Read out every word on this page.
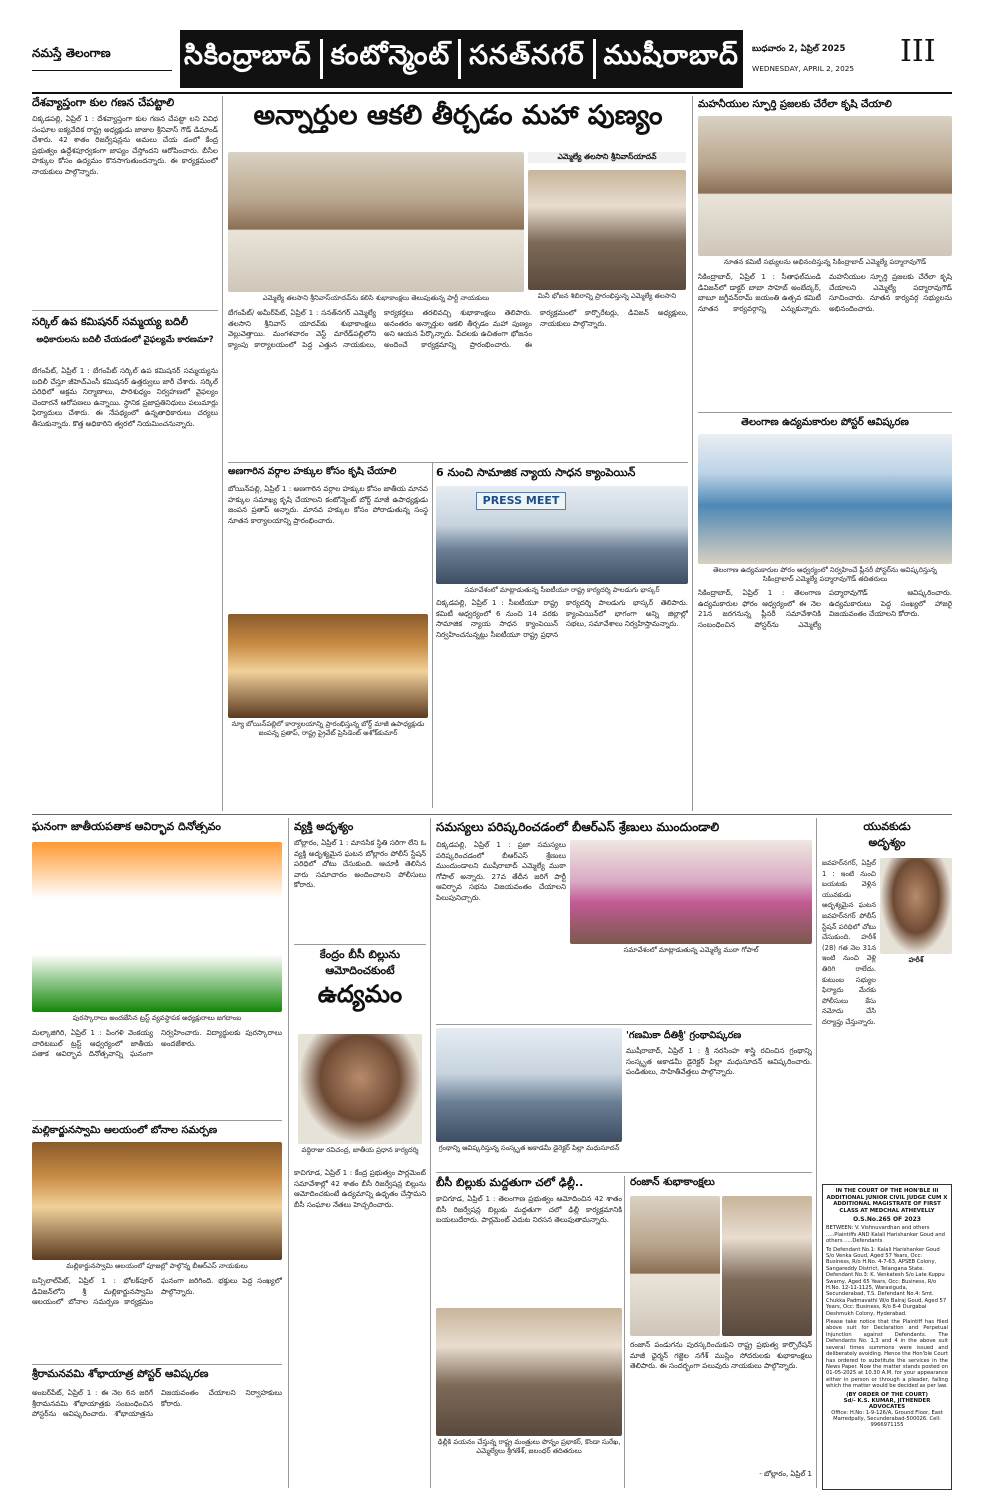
నమస్తే తెలంగాణ	సికింద్రాబాద్ కంటోన్మెంట్ సనత్‌నగర్ ముషీరాబాద్ బుధవారం 2, ఏప్రిల్ 2025
WEDNESDAY, APRIL 2, 2025	III
దేశవ్యాప్తంగా కుల గణన చేపట్టాలి
చిక్కడపల్లి, ఏప్రిల్ 1 : దేశవ్యాప్తంగా కుల గణన చేపట్టా లని వివిధ సంఘాల ఐక్యవేదిక రాష్ట్ర అధ్యక్షుడు జాజుల శ్రీనివాస్ గౌడ్ డిమాండ్ చేశారు. 42 శాతం రిజర్వేషన్లను అమలు చేయ డంలో కేంద్ర ప్రభుత్వం ఉద్దేశపూర్వకంగా జాప్యం చేస్తోందని ఆరోపించారు. బీసీల హక్కుల కోసం ఉద్యమం కొనసాగుతుందన్నారు. ఈ కార్యక్రమంలో నాయకులు పాల్గొన్నారు.
సర్కిల్ ఉప కమిషనర్ సమ్మయ్య బదిలీ
అధికారులను బదిలీ చేయడంలో వైఫల్యమే కారణమా?
బేగంపేట్, ఏప్రిల్ 1 : బేగంపేట్ సర్కిల్ ఉప కమిషనర్ సమ్మయ్యను బదిలీ చేస్తూ జీహెచ్‌ఎంసీ కమిషనర్ ఉత్తర్వులు జారీ చేశారు. సర్కిల్ పరిధిలో అక్రమ నిర్మాణాలు, పారిశుధ్యం నిర్వహణలో వైఫల్యం చెందారనే ఆరోపణలు ఉన్నాయి. స్థానిక ప్రజాప్రతినిధులు పలుమార్లు ఫిర్యాదులు చేశారు. ఈ నేపథ్యంలో ఉన్నతాధికారులు చర్యలు తీసుకున్నారు. కొత్త అధికారిని త్వరలో నియమించనున్నారు.
అన్నార్తుల ఆకలి తీర్చడం మహా పుణ్యం
ఎమ్మెల్యే తలసాని శ్రీనివాస్‌యాదవ్
మినీ భోజన శిబిరాన్ని ప్రారంభిస్తున్న ఎమ్మెల్యే తలసాని
ఎమ్మెల్యే తలసాని శ్రీనివాస్‌యాదవ్‌ను కలిసి శుభాకాంక్షలు తెలుపుతున్న పార్టీ నాయకులు
బేగంపేట్/ అమీర్‌పేట్, ఏప్రిల్ 1 : సనత్‌నగర్ ఎమ్మెల్యే తలసాని శ్రీనివాస్ యాదవ్‌కు శుభాకాంక్షలు వెల్లువెత్తాయి. మంగళవారం వెస్ట్ మారేడ్‌పల్లిలోని క్యాంపు కార్యాలయంలో పెద్ద ఎత్తున నాయకులు, కార్యకర్తలు తరలివచ్చి శుభాకాంక్షలు తెలిపారు. అనంతరం అన్నార్తుల ఆకలి తీర్చడం మహా పుణ్యం అని ఆయన పేర్కొన్నారు. పేదలకు ఉచితంగా భోజనం అందించే కార్యక్రమాన్ని ప్రారంభించారు. ఈ కార్యక్రమంలో కార్పొరేటర్లు, డివిజన్ అధ్యక్షులు, నాయకులు పాల్గొన్నారు.
మహనీయుల స్ఫూర్తి ప్రజలకు చేరేలా కృషి చేయాలి
నూతన కమిటీ సభ్యులను అభినందిస్తున్న సికింద్రాబాద్ ఎమ్మెల్యే పద్మారావుగౌడ్
సికింద్రాబాద్, ఏప్రిల్ 1 : సీతాఫల్‌మండి డివిజన్‌లో డాక్టర్ బాబా సాహెబ్ అంబేద్కర్, బాబూ జగ్జీవన్‌రామ్ జయంతి ఉత్సవ కమిటీ నూతన కార్యవర్గాన్ని ఎన్నుకున్నారు. మహనీయుల స్ఫూర్తి ప్రజలకు చేరేలా కృషి చేయాలని ఎమ్మెల్యే పద్మారావుగౌడ్ సూచించారు. నూతన కార్యవర్గ సభ్యులను అభినందించారు.
తెలంగాణ ఉద్యమకారుల పోస్టర్ ఆవిష్కరణ
తెలంగాణ ఉద్యమకారుల పోరం ఆధ్వర్యంలో నిర్వహించే ప్లీనరీ పోస్టర్‌ను ఆవిష్కరిస్తున్న సికింద్రాబాద్ ఎమ్మెల్యే పద్మారావుగౌడ్ తదితరులు
సికింద్రాబాద్, ఏప్రిల్ 1 : తెలంగాణ ఉద్యమకారుల ఫోరం ఆధ్వర్యంలో ఈ నెల 21న జరగనున్న ప్లీనరీ సమావేశానికి సంబంధించిన పోస్టర్‌ను ఎమ్మెల్యే పద్మారావుగౌడ్ ఆవిష్కరించారు. ఉద్యమకారులు పెద్ద సంఖ్యలో హాజరై విజయవంతం చేయాలని కోరారు.
అణగారిన వర్గాల హక్కుల కోసం కృషి చేయాలి
బోయిన్‌పల్లి, ఏప్రిల్ 1 : అణగారిన వర్గాల హక్కుల కోసం జాతీయ మానవ హక్కుల సమాఖ్య కృషి చేయాలని కంటోన్మెంట్ బోర్డ్ మాజీ ఉపాధ్యక్షుడు జంపన ప్రతాప్ అన్నారు. మానవ హక్కుల కోసం పోరాడుతున్న సంస్థ నూతన కార్యాలయాన్ని ప్రారంభించారు.
న్యూ బోయిన్‌పల్లిలో కార్యాలయాన్ని ప్రారంభిస్తున్న బోర్డ్ మాజీ ఉపాధ్యక్షుడు జంపన్న ప్రతాప్, రాష్ట్ర ప్రైవేట్ ప్రెసిడెంట్ అశోక్‌కుమార్
6 నుంచి సామాజిక న్యాయ సాధన క్యాంపెయిన్
PRESS MEET
సమావేశంలో మాట్లాడుతున్న సీఐటీయూ రాష్ట్ర కార్యదర్శి పాలడుగు భాస్కర్
చిక్కడపల్లి, ఏప్రిల్ 1 : సీఐటీయూ రాష్ట్ర కమిటీ ఆధ్వర్యంలో 6 నుంచి 14 వరకు సామాజిక న్యాయ సాధన క్యాంపెయిన్ నిర్వహించనున్నట్లు సీఐటీయూ రాష్ట్ర ప్రధాన కార్యదర్శి పాలడుగు భాస్కర్ తెలిపారు. క్యాంపెయిన్‌లో భాగంగా అన్ని జిల్లాల్లో సభలు, సమావేశాలు నిర్వహిస్తామన్నారు.
ఘనంగా జాతీయపతాక ఆవిర్భావ దినోత్సవం
పురస్కారాలు అందజేసిన ట్రస్ట్ వ్యవస్థాపక అధ్యక్షురాలు జగదాంబ
మల్కాజిగిరి, ఏప్రిల్ 1 : పింగళి వెంకయ్య చారిటబుల్ ట్రస్ట్ ఆధ్వర్యంలో జాతీయ పతాక ఆవిర్భావ దినోత్సవాన్ని ఘనంగా నిర్వహించారు. విద్యార్థులకు పురస్కారాలు అందజేశారు.
మల్లికార్జునస్వామి ఆలయంలో బోనాల సమర్పణ
మల్లికార్జునస్వామి ఆలయంలో పూజల్లో పాల్గొన్న బీఆర్‌ఎస్ నాయకులు
బన్సీలాల్‌పేట్, ఏప్రిల్ 1 : భోలక్‌పూర్ డివిజన్‌లోని శ్రీ మల్లికార్జునస్వామి ఆలయంలో బోనాల సమర్పణ కార్యక్రమం ఘనంగా జరిగింది. భక్తులు పెద్ద సంఖ్యలో పాల్గొన్నారు.
శ్రీరామనవమి శోభాయాత్ర పోస్టర్ ఆవిష్కరణ
అంబర్‌పేట్, ఏప్రిల్ 1 : ఈ నెల 6న జరిగే శ్రీరామనవమి శోభాయాత్రకు సంబంధించిన పోస్టర్‌ను ఆవిష్కరించారు. శోభాయాత్రను విజయవంతం చేయాలని నిర్వాహకులు కోరారు.
వ్యక్తి అదృశ్యం
బోల్లారం, ఏప్రిల్ 1 : మానసిక స్థితి సరిగా లేని ఓ వ్యక్తి అదృశ్యమైన ఘటన బోల్లారం పోలీస్ స్టేషన్ పరిధిలో చోటు చేసుకుంది. ఆచూకీ తెలిసిన వారు సమాచారం అందించాలని పోలీసులు కోరారు.
కేంద్రం బీసీ బిల్లును
ఆమోదించకుంటే
ఉద్యమం
వద్దిరాజు రవిచంద్ర, జాతీయ ప్రధాన కార్యదర్శి
కాచిగూడ, ఏప్రిల్ 1 : కేంద్ర ప్రభుత్వం పార్లమెంట్ సమావేశాల్లో 42 శాతం బీసీ రిజర్వేషన్ల బిల్లును ఆమోదించకుంటే ఉద్యమాన్ని ఉధృతం చేస్తామని బీసీ సంఘాల నేతలు హెచ్చరించారు.
సమస్యలు పరిష్కరించడంలో బీఆర్‌ఎస్ శ్రేణులు ముందుండాలి
చిక్కడపల్లి, ఏప్రిల్ 1 : ప్రజా సమస్యలు పరిష్కరించడంలో బీఆర్‌ఎస్ శ్రేణులు ముందుండాలని ముషీరాబాద్ ఎమ్మెల్యే ముఠా గోపాల్ అన్నారు. 27వ తేదీన జరిగే పార్టీ ఆవిర్భావ సభను విజయవంతం చేయాలని పిలుపునిచ్చారు.
సమావేశంలో మాట్లాడుతున్న ఎమ్మెల్యే ముఠా గోపాల్
గ్రంథాన్ని ఆవిష్కరిస్తున్న సంస్కృత అకాడమీ డైరెక్టర్ పిల్లా మధుసూదన్
'గణమికా దీతిశ్రీ' గ్రంథావిష్కరణ
ముషీరాబాద్, ఏప్రిల్ 1 : శ్రీ నరసింహ శాస్త్రి రచించిన గ్రంథాన్ని సంస్కృత అకాడమీ డైరెక్టర్ పిల్లా మధుసూదన్ ఆవిష్కరించారు. పండితులు, సాహితీవేత్తలు పాల్గొన్నారు.
బీసీ బిల్లుకు మద్దతుగా చలో ఢిల్లీ..
కాచిగూడ, ఏప్రిల్ 1 : తెలంగాణ ప్రభుత్వం ఆమోదించిన 42 శాతం బీసీ రిజర్వేషన్ల బిల్లుకు మద్దతుగా చలో ఢిల్లీ కార్యక్రమానికి బయలుదేరారు. పార్లమెంట్ ఎదుట నిరసన తెలుపుతామన్నారు.
ఢిల్లీకి పయనం చేస్తున్న రాష్ట్ర మంత్రులు పొన్నం ప్రభాకర్, కొండా సురేఖ, ఎమ్మెల్యేలు శ్రీగణేశ్, జలంధర్ తదితరులు
రంజాన్ శుభాకాంక్షలు
రంజాన్ పండుగను పురస్కరించుకుని రాష్ట్ర ప్రభుత్వ కార్పొరేషన్ మాజీ ఛైర్మన్ గజ్జెల నగేశ్ ముస్లిం సోదరులకు శుభాకాంక్షలు తెలిపారు. ఈ సందర్భంగా పలువురు నాయకులు పాల్గొన్నారు.
- బోల్లారం, ఏప్రిల్ 1
యువకుడు
అదృశ్యం
జవహర్‌నగర్, ఏప్రిల్ 1 : ఇంటి నుంచి బయటకు వెళ్లిన యువకుడు అదృశ్యమైన ఘటన జవహర్‌నగర్ పోలీస్ స్టేషన్ పరిధిలో చోటు చేసుకుంది. హరీశ్ (28) గత నెల 31న ఇంటి నుంచి వెళ్లి తిరిగి రాలేదు. కుటుంబ సభ్యుల ఫిర్యాదు మేరకు పోలీసులు కేసు నమోదు చేసి దర్యాప్తు చేస్తున్నారు.
హరీశ్
IN THE COURT OF THE HON'BLE III ADDITIONAL JUNIOR CIVIL JUDGE CUM X ADDITIONAL MAGISTRATE OF FIRST CLASS AT MEDCHAL ATHEVELLY
O.S.No.265 OF 2023
BETWEEN: V. Vishnuvardhan and others .....Plaintiffs AND Kalali Harishanker Goud and others .....Defendants
To Defendant No.1: Kalali Harishanker Goud S/o Venka Goud, Aged 57 Years, Occ: Business, R/o H.No. 4-7-63, APSEB Colony, Sangareddy District, Telangana State. Defendant No.3: K. Venkatesh S/o Late Kuppu Swamy, Aged 65 Years, Occ: Business, R/o H.No. 12-11-1125, Warasiguda, Secunderabad, T.S. Defendant No.4: Smt. Chukka Padmavathi W/o Balraj Goud, Aged 57 Years, Occ: Business, R/o 8-4 Durgabai Deshmukh Colony, Hyderabad.
Please take notice that the Plaintiff has filed above suit for Declaration and Perpetual Injunction against Defendants. The Defendants No. 1,3 and 4 in the above suit several times summons were issued and deliberately avoiding. Hence the Hon'ble Court has ordered to substitute the services in the News Paper. Now the matter stands posted on 01-05-2025 at 10.30 A.M. for your appearance either in person or through a pleader, failing which the matter would be decided as per law.
(BY ORDER OF THE COURT)
Sd/- K.S. KUMAR, JITHENDER ADVOCATES
Office: H.No: 1-9-126/A, Ground Floor, East Marredpally, Secunderabad-500026. Cell: 9966971155
